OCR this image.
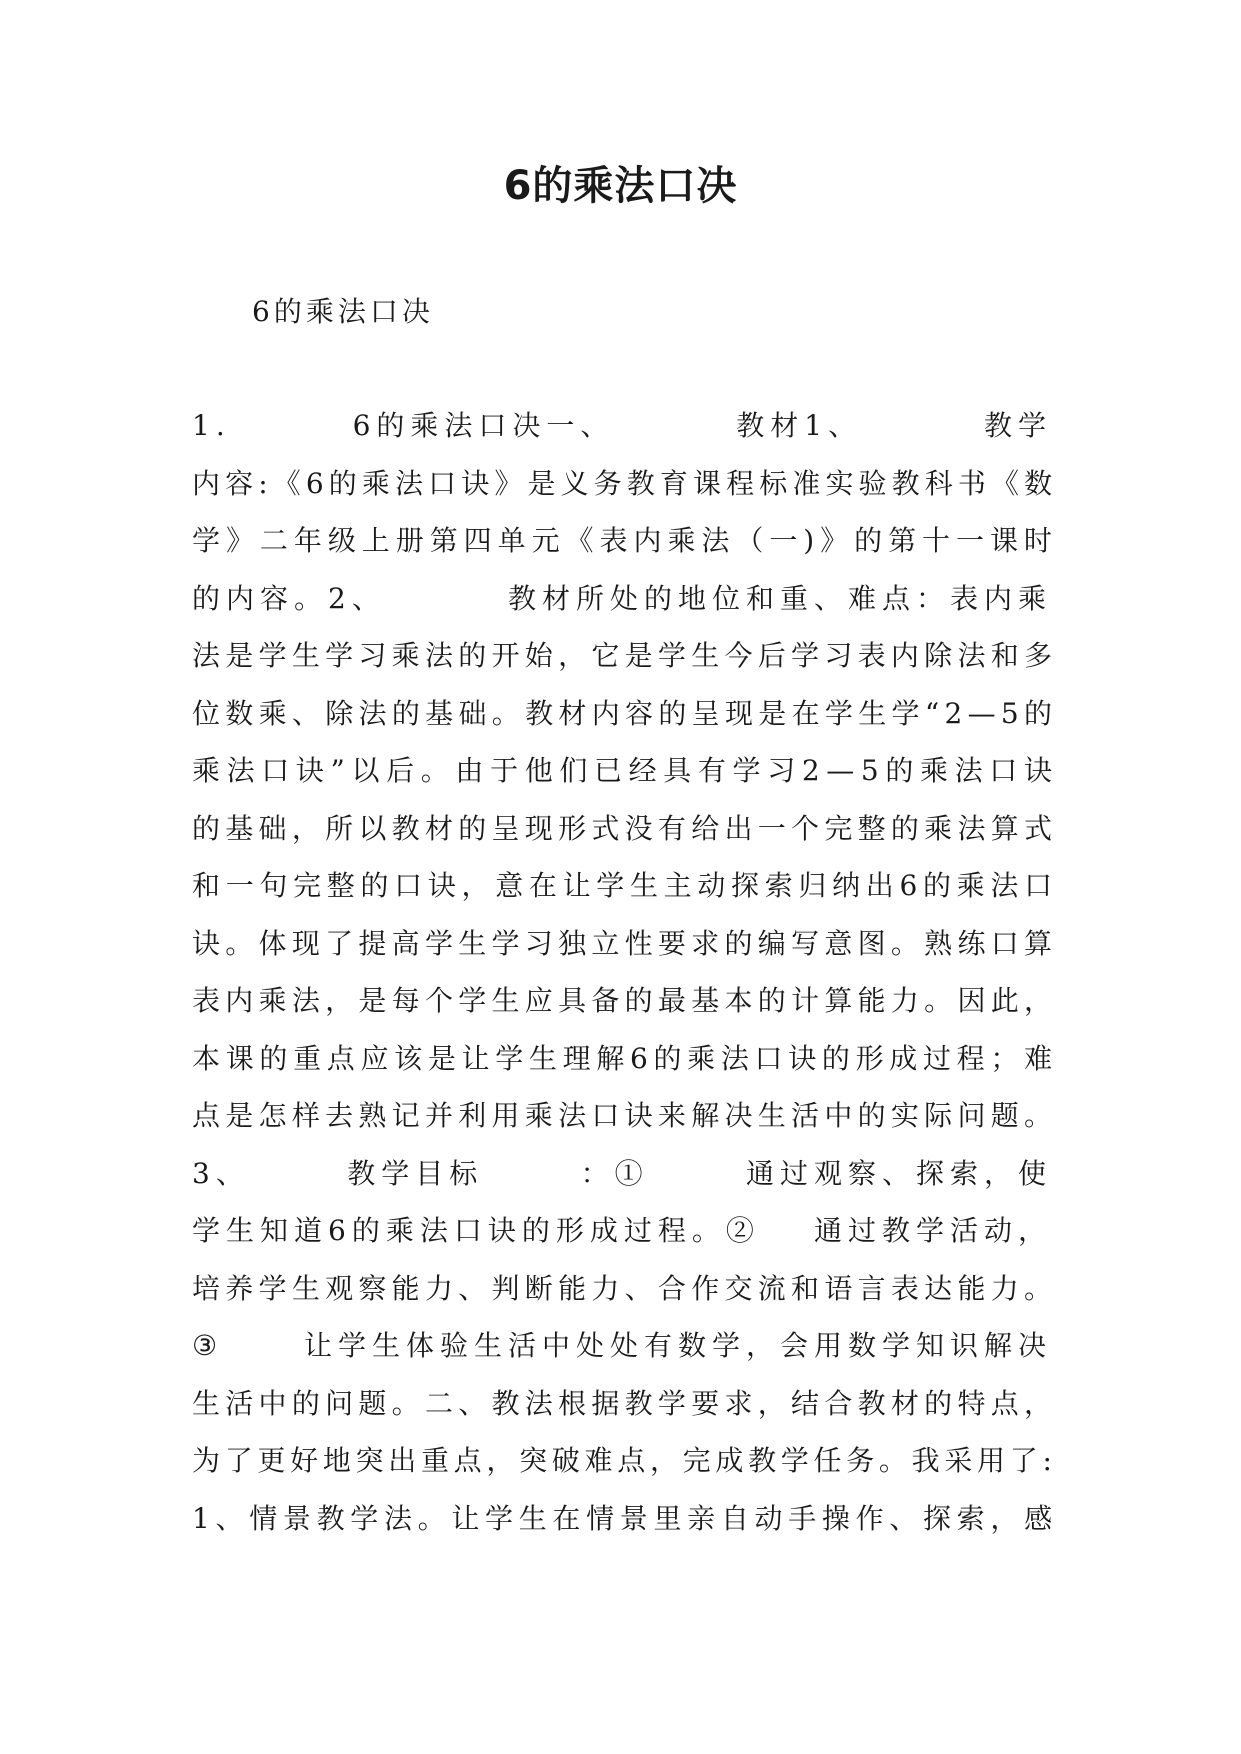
6的乘法口决

6的乘法口决

1.	6的乘法口决一、	教材1、	教学
内容:《6的乘法口诀》是义务教育课程标准实验教科书《数
学》二年级上册第四单元《表内乘法（一)》的第十一课时
的内容。2、	教材所处的地位和重、难点：表内乘
法是学生学习乘法的开始，它是学生今后学习表内除法和多
位数乘、除法的基础。教材内容的呈现是在学生学“2—5的
乘法口诀”以后。由于他们已经具有学习2—5的乘法口诀
的基础，所以教材的呈现形式没有给出一个完整的乘法算式
和一句完整的口诀，意在让学生主动探索归纳出6的乘法口
诀。体现了提高学生学习独立性要求的编写意图。熟练口算
表内乘法，是每个学生应具备的最基本的计算能力。因此，
本课的重点应该是让学生理解6的乘法口诀的形成过程；难
点是怎样去熟记并利用乘法口诀来解决生活中的实际问题。
3、	教学目标	：①	通过观察、探索，使
学生知道6的乘法口诀的形成过程。② 通过教学活动，
培养学生观察能力、判断能力、合作交流和语言表达能力。
③	让学生体验生活中处处有数学，会用数学知识解决
生活中的问题。二、教法根据教学要求，结合教材的特点，
为了更好地突出重点，突破难点，完成教学任务。我采用了:
1、情景教学法。让学生在情景里亲自动手操作、探索，感
